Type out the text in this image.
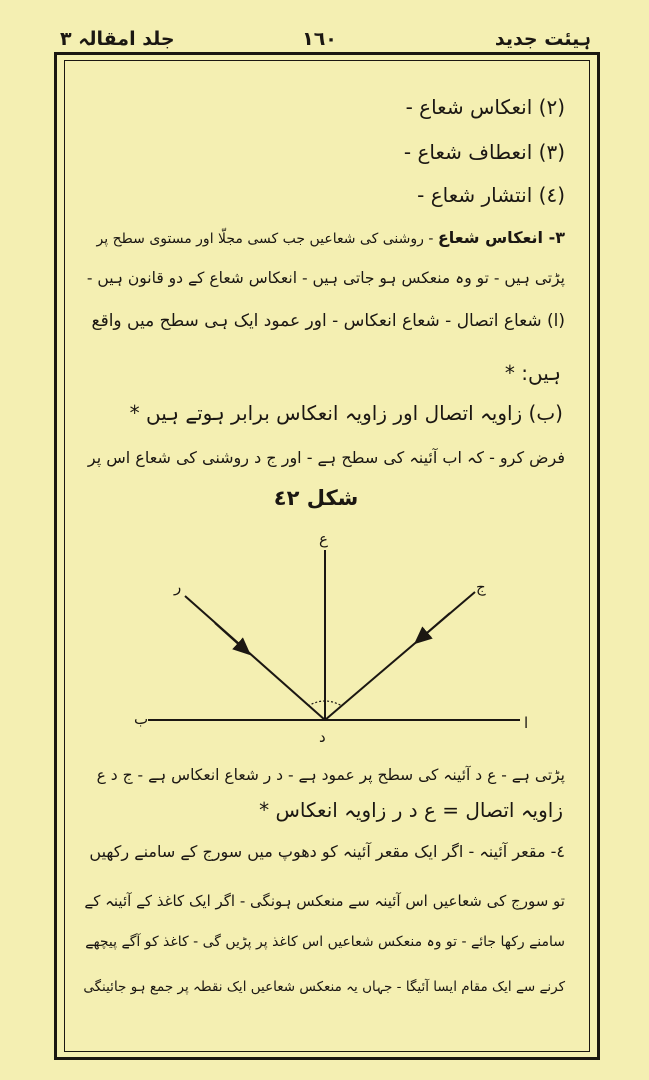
ہیئت جدید
١٦٠
جلد امقالہ ٣
(٢) انعکاس شعاع -
(٣) انعطاف شعاع -
(٤) انتشار شعاع -
٣- انعکاس شعاع - روشنی کی شعاعیں جب کسی مجلّا اور مستوی سطح پر
پڑتی ہیں - تو وہ منعکس ہو جاتی ہیں - انعکاس شعاع کے دو قانون ہیں -
(ا) شعاع اتصال - شعاع انعکاس - اور عمود ایک ہی سطح میں واقع
ہیں: *
(ب) زاویہ اتصال اور زاویہ انعکاس برابر ہوتے ہیں *
فرض کرو - کہ اب آئینہ کی سطح ہے - اور ج د روشنی کی شعاع اس پر
شکل ٤٢
ع
ر	ج
ب	ا
د
پڑتی ہے - ع د آئینہ کی سطح پر عمود ہے - د ر شعاع انعکاس ہے - ج د ع
زاویہ اتصال = ع د ر زاویہ انعکاس *
٤- مقعر آئینہ - اگر ایک مقعر آئینہ کو دھوپ میں سورج کے سامنے رکھیں
تو سورج کی شعاعیں اس آئینہ سے منعکس ہونگی - اگر ایک کاغذ کے آئینہ کے
سامنے رکھا جائے - تو وہ منعکس شعاعیں اس کاغذ پر پڑیں گی - کاغذ کو آگے پیچھے
کرنے سے ایک مقام ایسا آئیگا - جہاں یہ منعکس شعاعیں ایک نقطہ پر جمع ہو جائینگی
